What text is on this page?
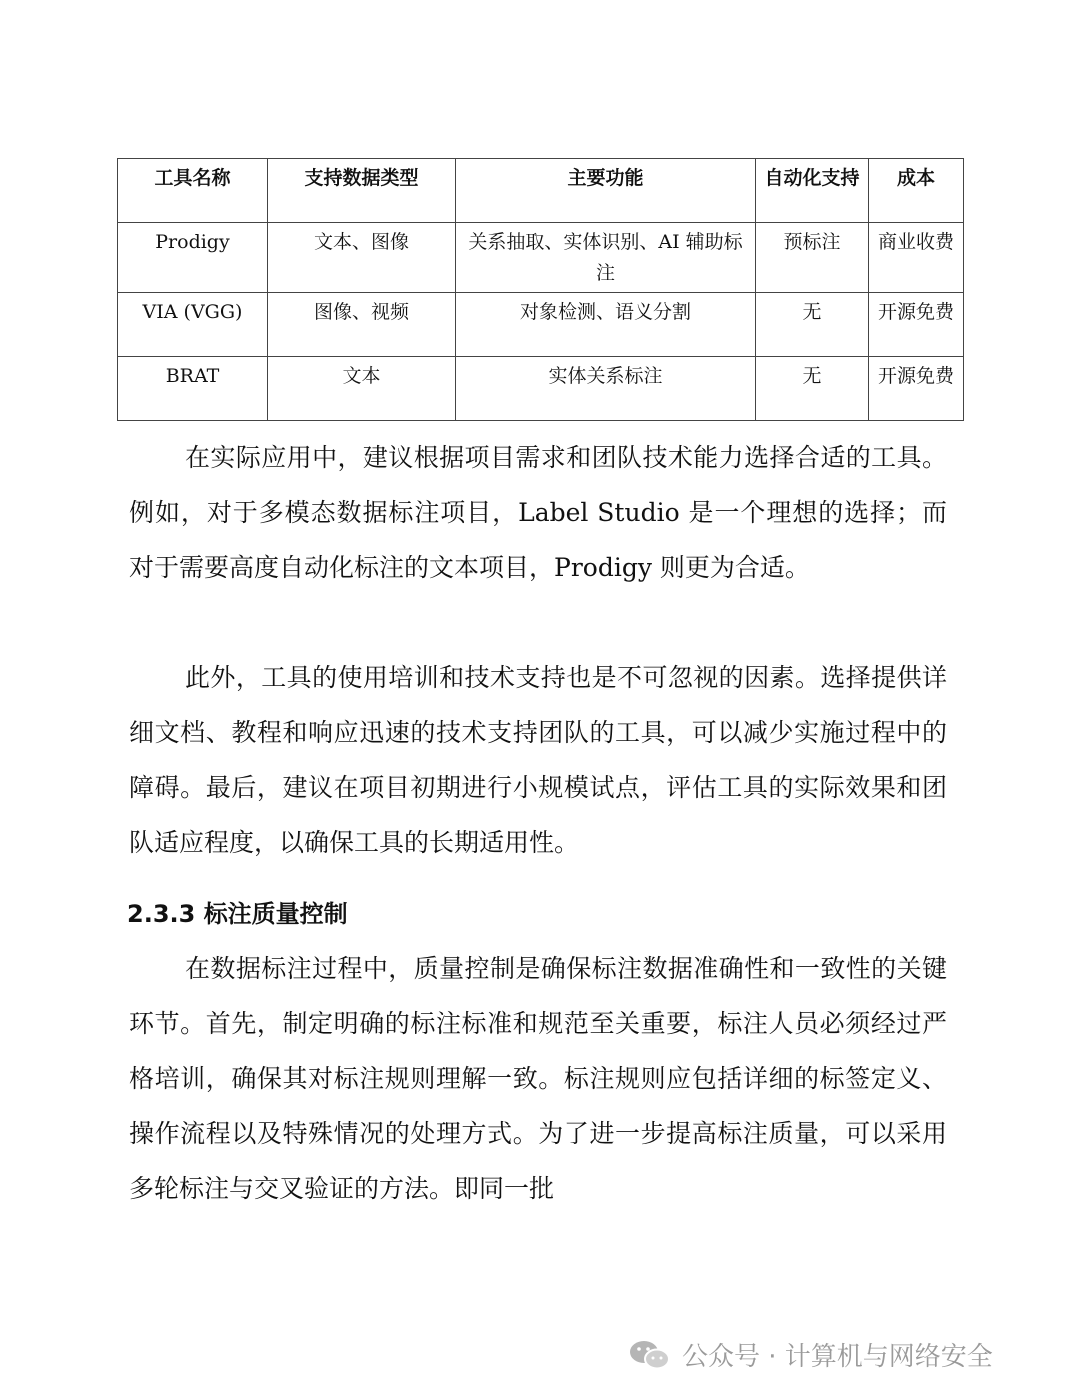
工具名称	支持数据类型	主要功能	自动化支持	成本
Prodigy	文本、图像	关系抽取、实体识别、AI 辅助标注	预标注	商业收费
VIA (VGG)	图像、视频	对象检测、语义分割	无	开源免费
BRAT	文本	实体关系标注	无	开源免费

在实际应用中，建议根据项目需求和团队技术能力选择合适的工具。例如，对于多模态数据标注项目，Label Studio 是一个理想的选择；而对于需要高度自动化标注的文本项目，Prodigy 则更为合适。

此外，工具的使用培训和技术支持也是不可忽视的因素。选择提供详细文档、教程和响应迅速的技术支持团队的工具，可以减少实施过程中的障碍。最后，建议在项目初期进行小规模试点，评估工具的实际效果和团队适应程度，以确保工具的长期适用性。

2.3.3 标注质量控制

在数据标注过程中，质量控制是确保标注数据准确性和一致性的关键环节。首先，制定明确的标注标准和规范至关重要，标注人员必须经过严格培训，确保其对标注规则理解一致。标注规则应包括详细的标签定义、操作流程以及特殊情况的处理方式。为了进一步提高标注质量，可以采用多轮标注与交叉验证的方法。即同一批

公众号 · 计算机与网络安全
